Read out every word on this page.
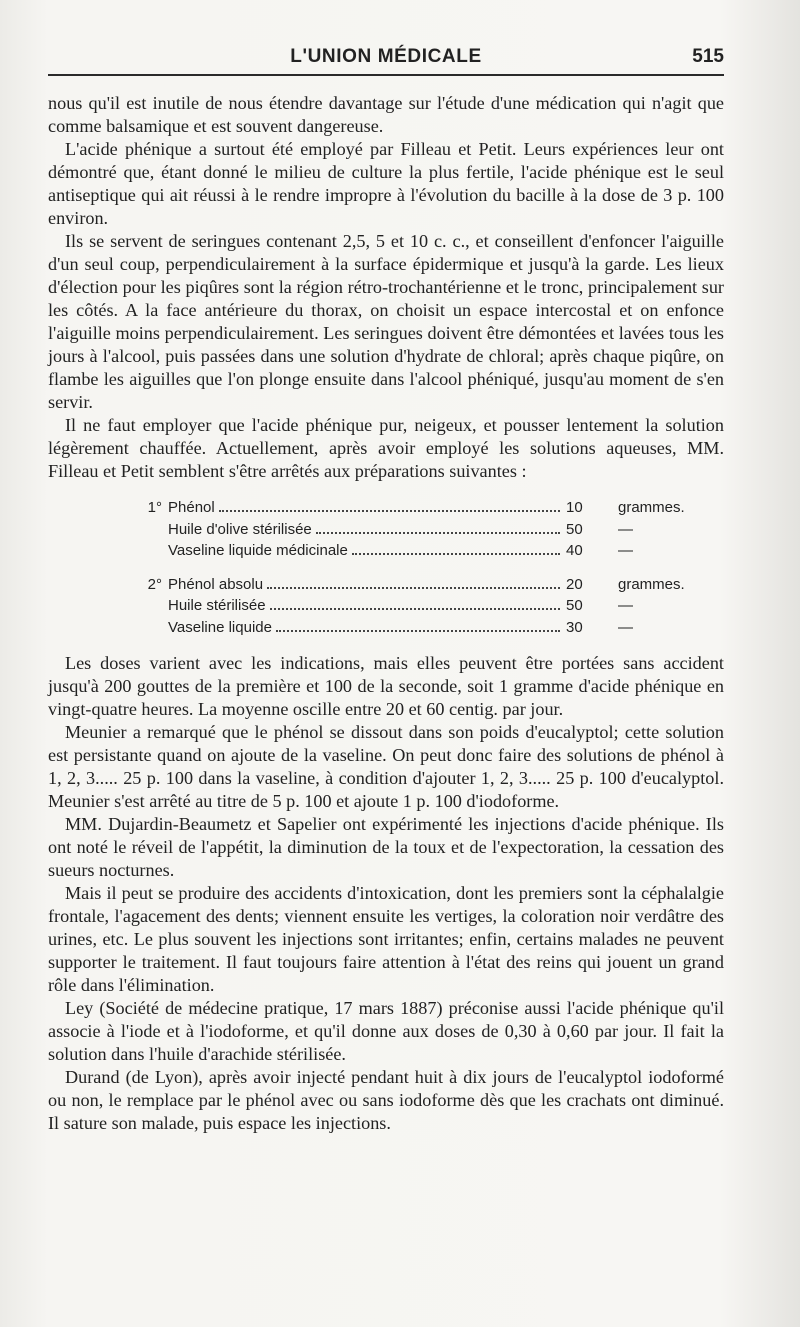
L'UNION MÉDICALE	515

nous qu'il est inutile de nous étendre davantage sur l'étude d'une médication qui n'agit que comme balsamique et est souvent dangereuse.

L'acide phénique a surtout été employé par Filleau et Petit. Leurs expériences leur ont démontré que, étant donné le milieu de culture la plus fertile, l'acide phénique est le seul antiseptique qui ait réussi à le rendre impropre à l'évolution du bacille à la dose de 3 p. 100 environ.

Ils se servent de seringues contenant 2,5, 5 et 10 c. c., et conseillent d'enfoncer l'aiguille d'un seul coup, perpendiculairement à la surface épidermique et jusqu'à la garde. Les lieux d'élection pour les piqûres sont la région rétro-trochantérienne et le tronc, principalement sur les côtés. A la face antérieure du thorax, on choisit un espace intercostal et on enfonce l'aiguille moins perpendiculairement. Les seringues doivent être démontées et lavées tous les jours à l'alcool, puis passées dans une solution d'hydrate de chloral; après chaque piqûre, on flambe les aiguilles que l'on plonge ensuite dans l'alcool phéniqué, jusqu'au moment de s'en servir.

Il ne faut employer que l'acide phénique pur, neigeux, et pousser lentement la solution légèrement chauffée. Actuellement, après avoir employé les solutions aqueuses, MM. Filleau et Petit semblent s'être arrêtés aux préparations suivantes :

1° Phénol	10	grammes.
Huile d'olive stérilisée	50	—
Vaseline liquide médicinale	40	—
2° Phénol absolu	20	grammes.
Huile stérilisée	50	—
Vaseline liquide	30	—

Les doses varient avec les indications, mais elles peuvent être portées sans accident jusqu'à 200 gouttes de la première et 100 de la seconde, soit 1 gramme d'acide phénique en vingt-quatre heures. La moyenne oscille entre 20 et 60 centig. par jour.

Meunier a remarqué que le phénol se dissout dans son poids d'eucalyptol; cette solution est persistante quand on ajoute de la vaseline. On peut donc faire des solutions de phénol à 1, 2, 3..... 25 p. 100 dans la vaseline, à condition d'ajouter 1, 2, 3..... 25 p. 100 d'eucalyptol. Meunier s'est arrêté au titre de 5 p. 100 et ajoute 1 p. 100 d'iodoforme.

MM. Dujardin-Beaumetz et Sapelier ont expérimenté les injections d'acide phénique. Ils ont noté le réveil de l'appétit, la diminution de la toux et de l'expectoration, la cessation des sueurs nocturnes.

Mais il peut se produire des accidents d'intoxication, dont les premiers sont la céphalalgie frontale, l'agacement des dents; viennent ensuite les vertiges, la coloration noir verdâtre des urines, etc. Le plus souvent les injections sont irritantes; enfin, certains malades ne peuvent supporter le traitement. Il faut toujours faire attention à l'état des reins qui jouent un grand rôle dans l'élimination.

Ley (Société de médecine pratique, 17 mars 1887) préconise aussi l'acide phénique qu'il associe à l'iode et à l'iodoforme, et qu'il donne aux doses de 0,30 à 0,60 par jour. Il fait la solution dans l'huile d'arachide stérilisée.

Durand (de Lyon), après avoir injecté pendant huit à dix jours de l'eucalyptol iodoformé ou non, le remplace par le phénol avec ou sans iodoforme dès que les crachats ont diminué. Il sature son malade, puis espace les injections.
